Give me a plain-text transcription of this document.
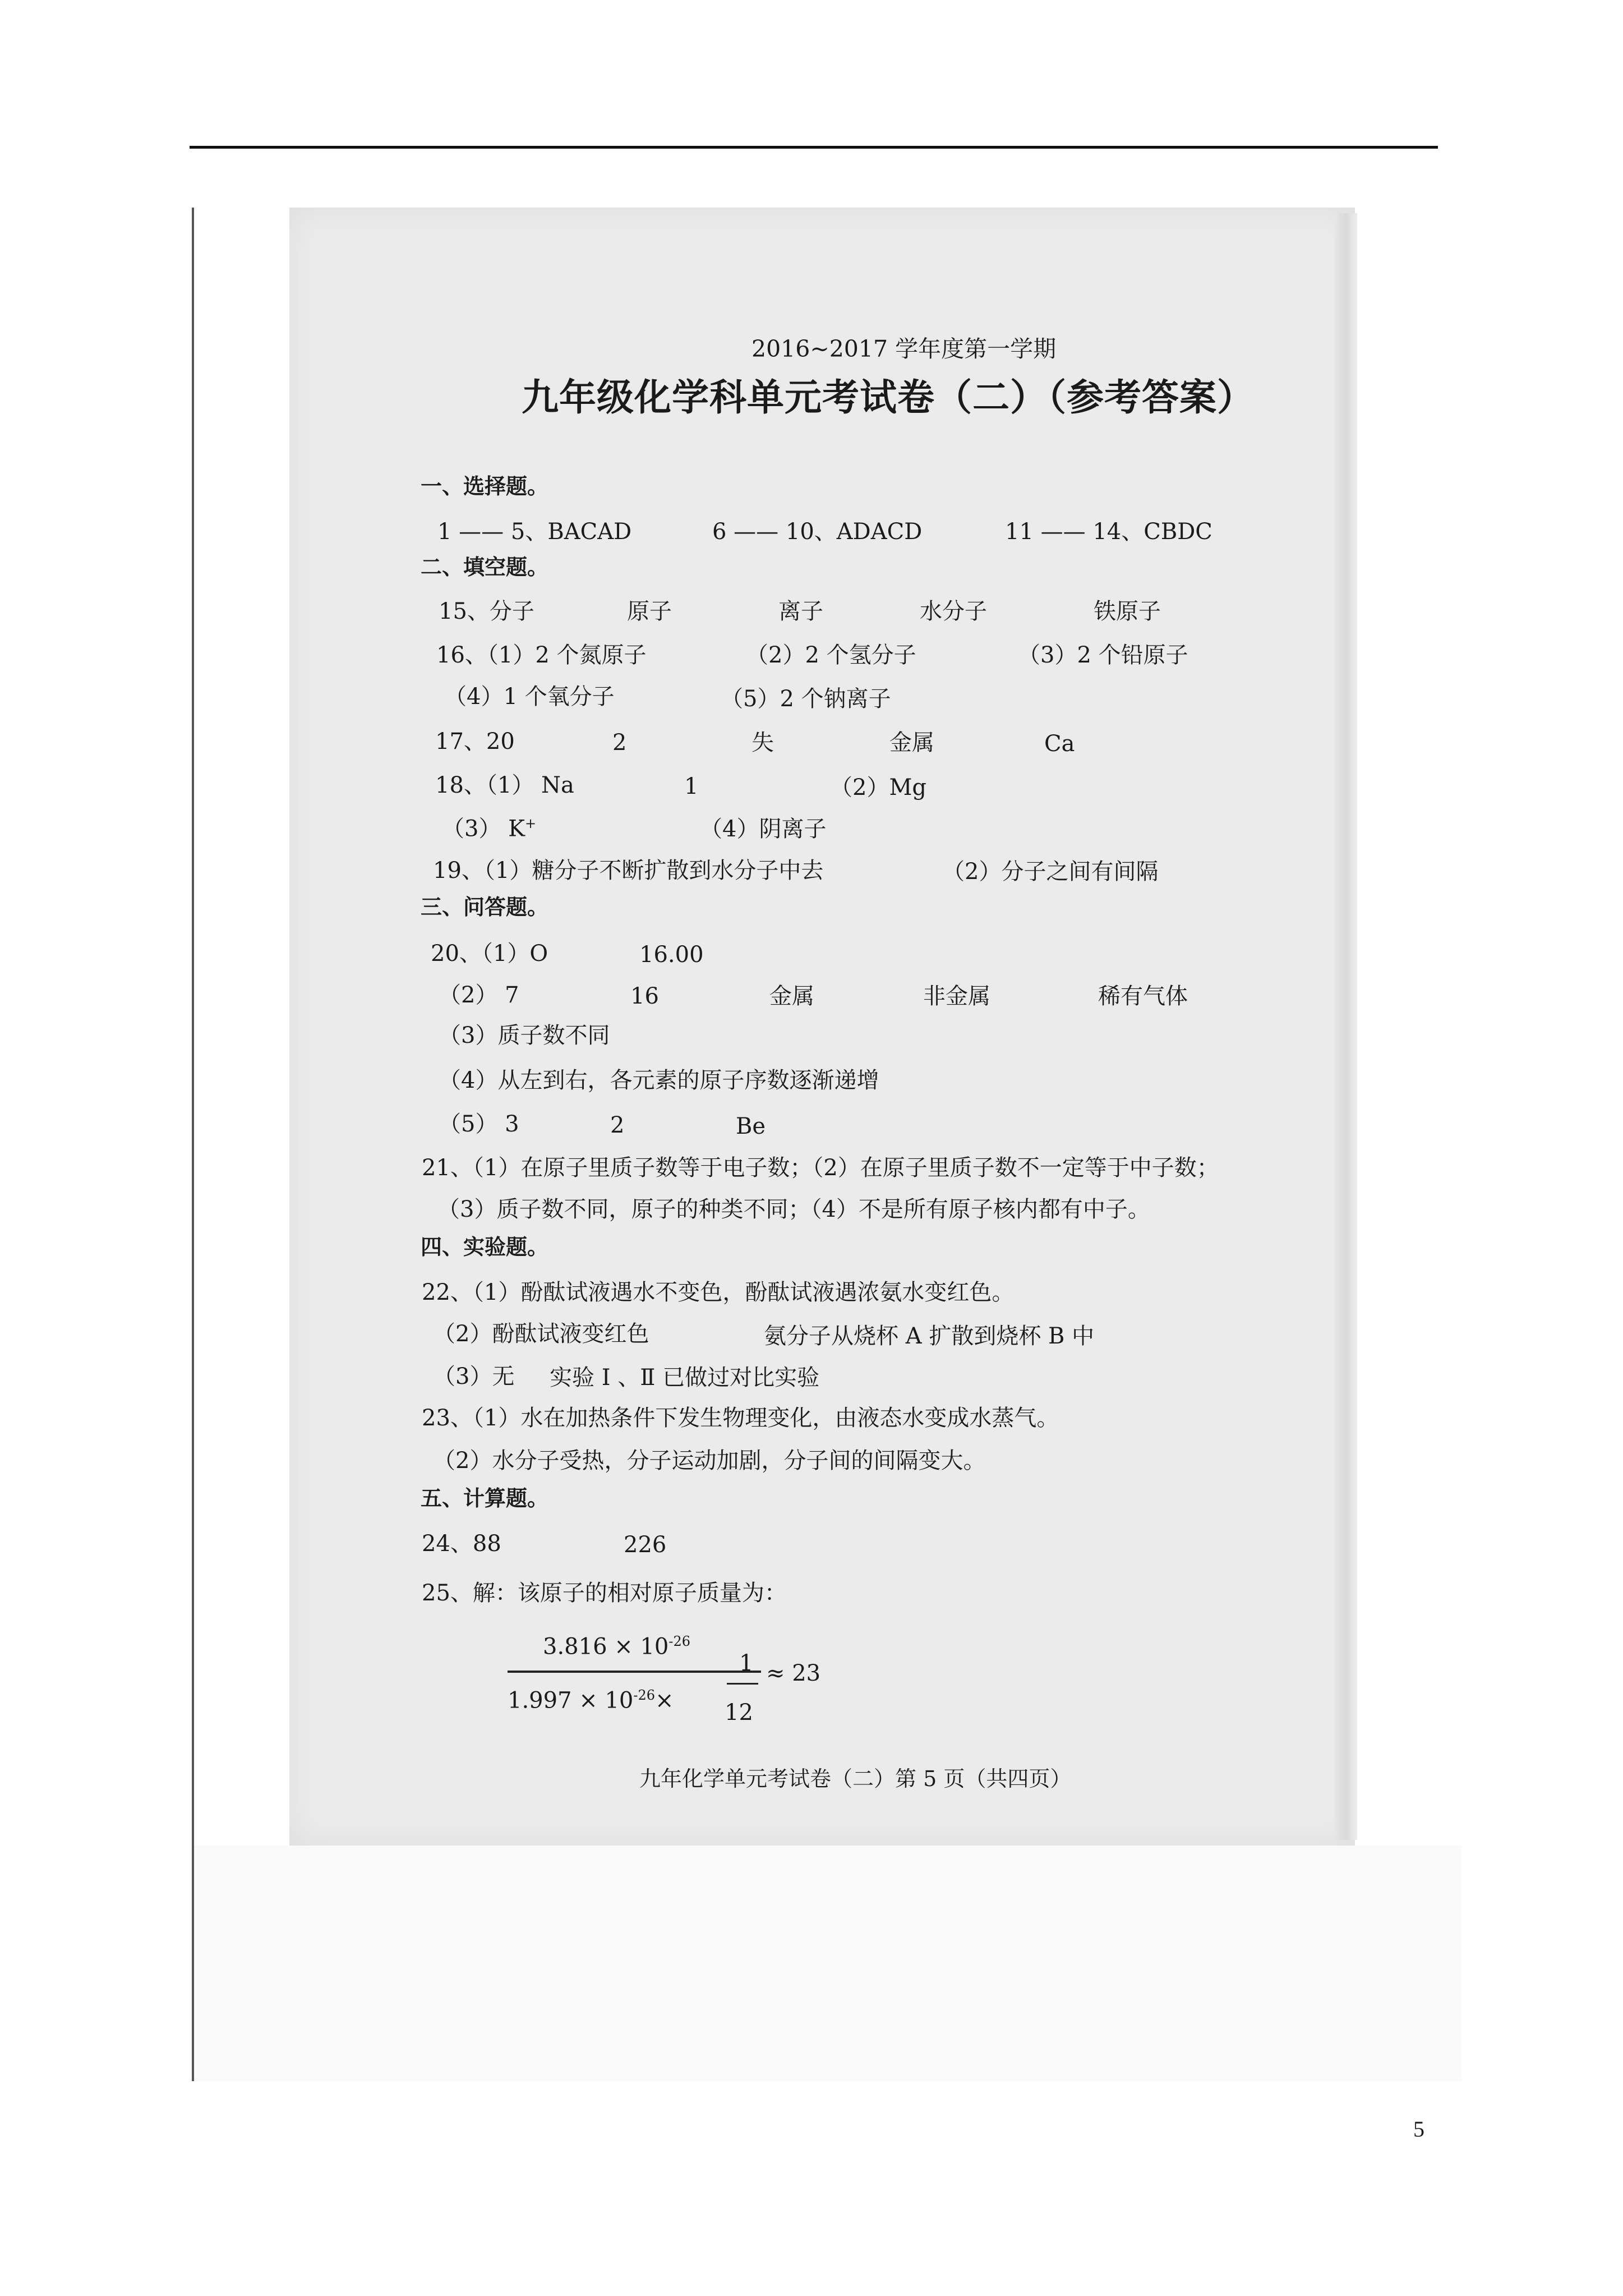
2016~2017 学年度第一学期
九年级化学科单元考试卷（二）（参考答案）
一、选择题。
1 —— 5、BACAD	6 —— 10、ADACD	11 —— 14、CBDC
二、填空题。
15、分子	原子	离子	水分子	铁原子
16、（1）2 个氮原子	（2）2 个氢分子	（3）2 个铅原子
（4）1 个氧分子	（5）2 个钠离子
17、20	2	失	金属	Ca
18、（1） Na	1	（2）Mg
（3） K+	（4）阴离子
19、（1）糖分子不断扩散到水分子中去	（2）分子之间有间隔
三、问答题。
20、（1）O	16.00
（2） 7	16	金属	非金属	稀有气体
（3）质子数不同
（4）从左到右，各元素的原子序数逐渐递增
（5） 3	2	Be
21、（1）在原子里质子数等于电子数；（2）在原子里质子数不一定等于中子数；
（3）质子数不同，原子的种类不同；（4）不是所有原子核内都有中子。
四、实验题。
22、（1）酚酞试液遇水不变色，酚酞试液遇浓氨水变红色。
（2）酚酞试液变红色	氨分子从烧杯 A 扩散到烧杯 B 中
（3）无 实验 Ⅰ 、Ⅱ 已做过对比实验
23、（1）水在加热条件下发生物理变化，由液态水变成水蒸气。
（2）水分子受热，分子运动加剧，分子间的间隔变大。
五、计算题。
24、88	226
25、解：该原子的相对原子质量为：
$3.816 \times 10^{-26}$
$1.997 \times 10^{-26}\times$
1
12
≈ 23
九年化学单元考试卷（二）第 5 页（共四页）
5
